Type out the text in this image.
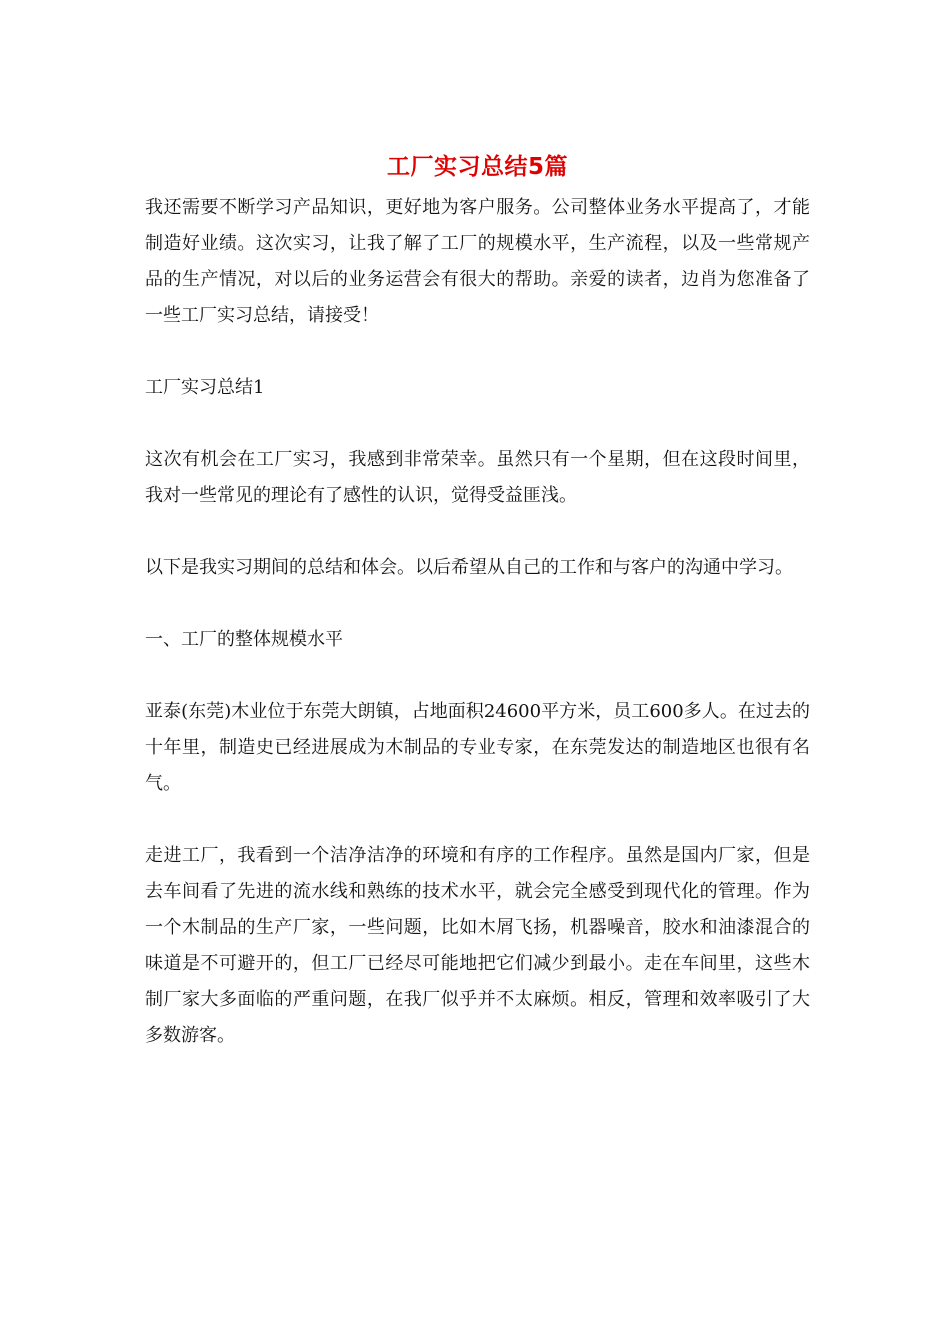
工厂实习总结5篇

我还需要不断学习产品知识，更好地为客户服务。公司整体业务水平提高了，才能制造好业绩。这次实习，让我了解了工厂的规模水平，生产流程，以及一些常规产品的生产情况，对以后的业务运营会有很大的帮助。亲爱的读者，边肖为您准备了一些工厂实习总结，请接受！

工厂实习总结1

这次有机会在工厂实习，我感到非常荣幸。虽然只有一个星期，但在这段时间里，我对一些常见的理论有了感性的认识，觉得受益匪浅。

以下是我实习期间的总结和体会。以后希望从自己的工作和与客户的沟通中学习。

一、工厂的整体规模水平

亚泰(东莞)木业位于东莞大朗镇，占地面积24600平方米，员工600多人。在过去的十年里，制造史已经进展成为木制品的专业专家，在东莞发达的制造地区也很有名气。

走进工厂，我看到一个洁净洁净的环境和有序的工作程序。虽然是国内厂家，但是去车间看了先进的流水线和熟练的技术水平，就会完全感受到现代化的管理。作为一个木制品的生产厂家，一些问题，比如木屑飞扬，机器噪音，胶水和油漆混合的味道是不可避开的，但工厂已经尽可能地把它们减少到最小。走在车间里，这些木制厂家大多面临的严重问题，在我厂似乎并不太麻烦。相反，管理和效率吸引了大多数游客。
